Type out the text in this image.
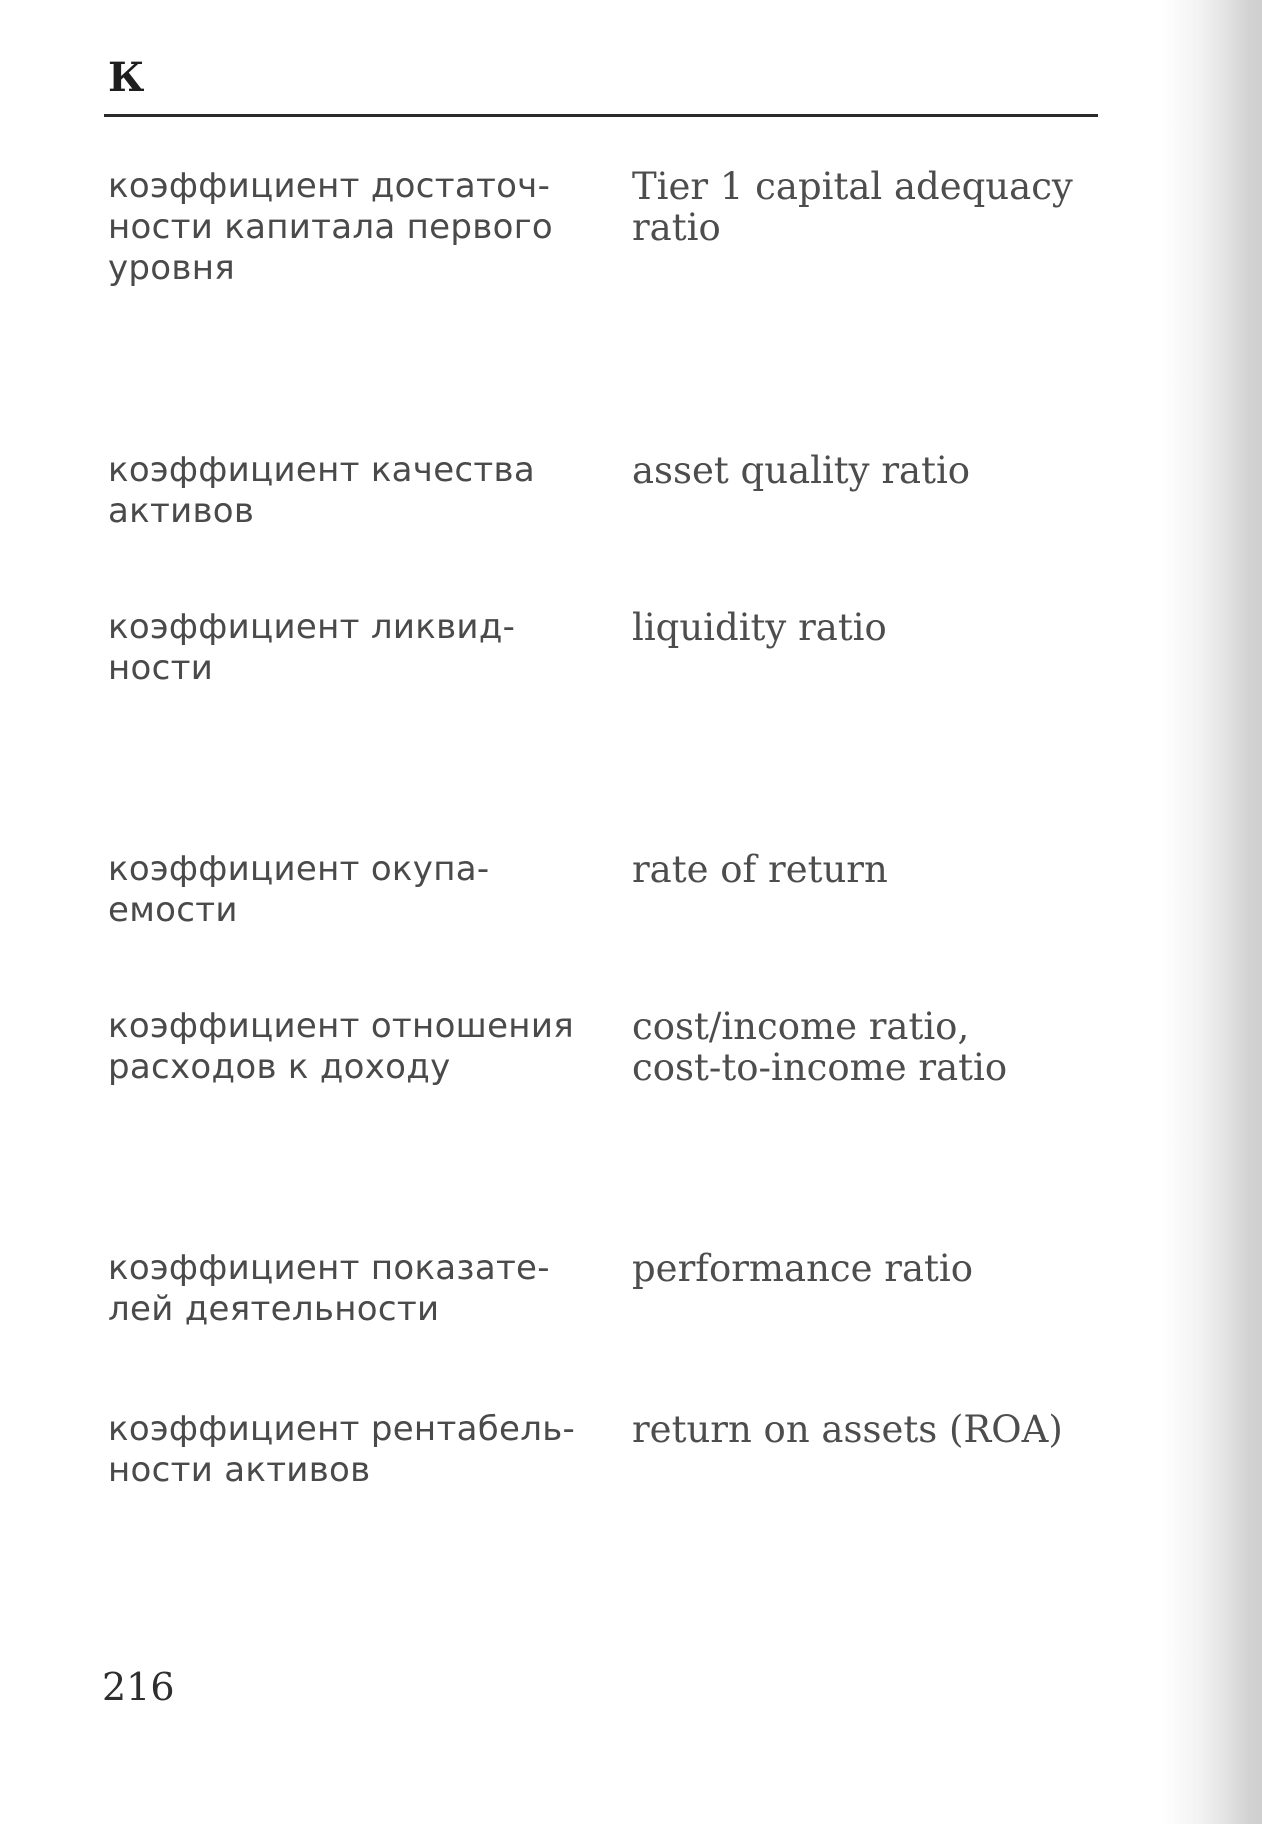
К
коэффициент достаточ-
ности капитала первого
уровня
Tier 1 capital adequacy
ratio
коэффициент качества
активов
asset quality ratio
коэффициент ликвид-
ности
liquidity ratio
коэффициент окупа-
емости
rate of return
коэффициент отношения
расходов к доходу
cost/income ratio,
cost-to-income ratio
коэффициент показате-
лей деятельности
performance ratio
коэффициент рентабель-
ности активов
return on assets (ROA)
216
